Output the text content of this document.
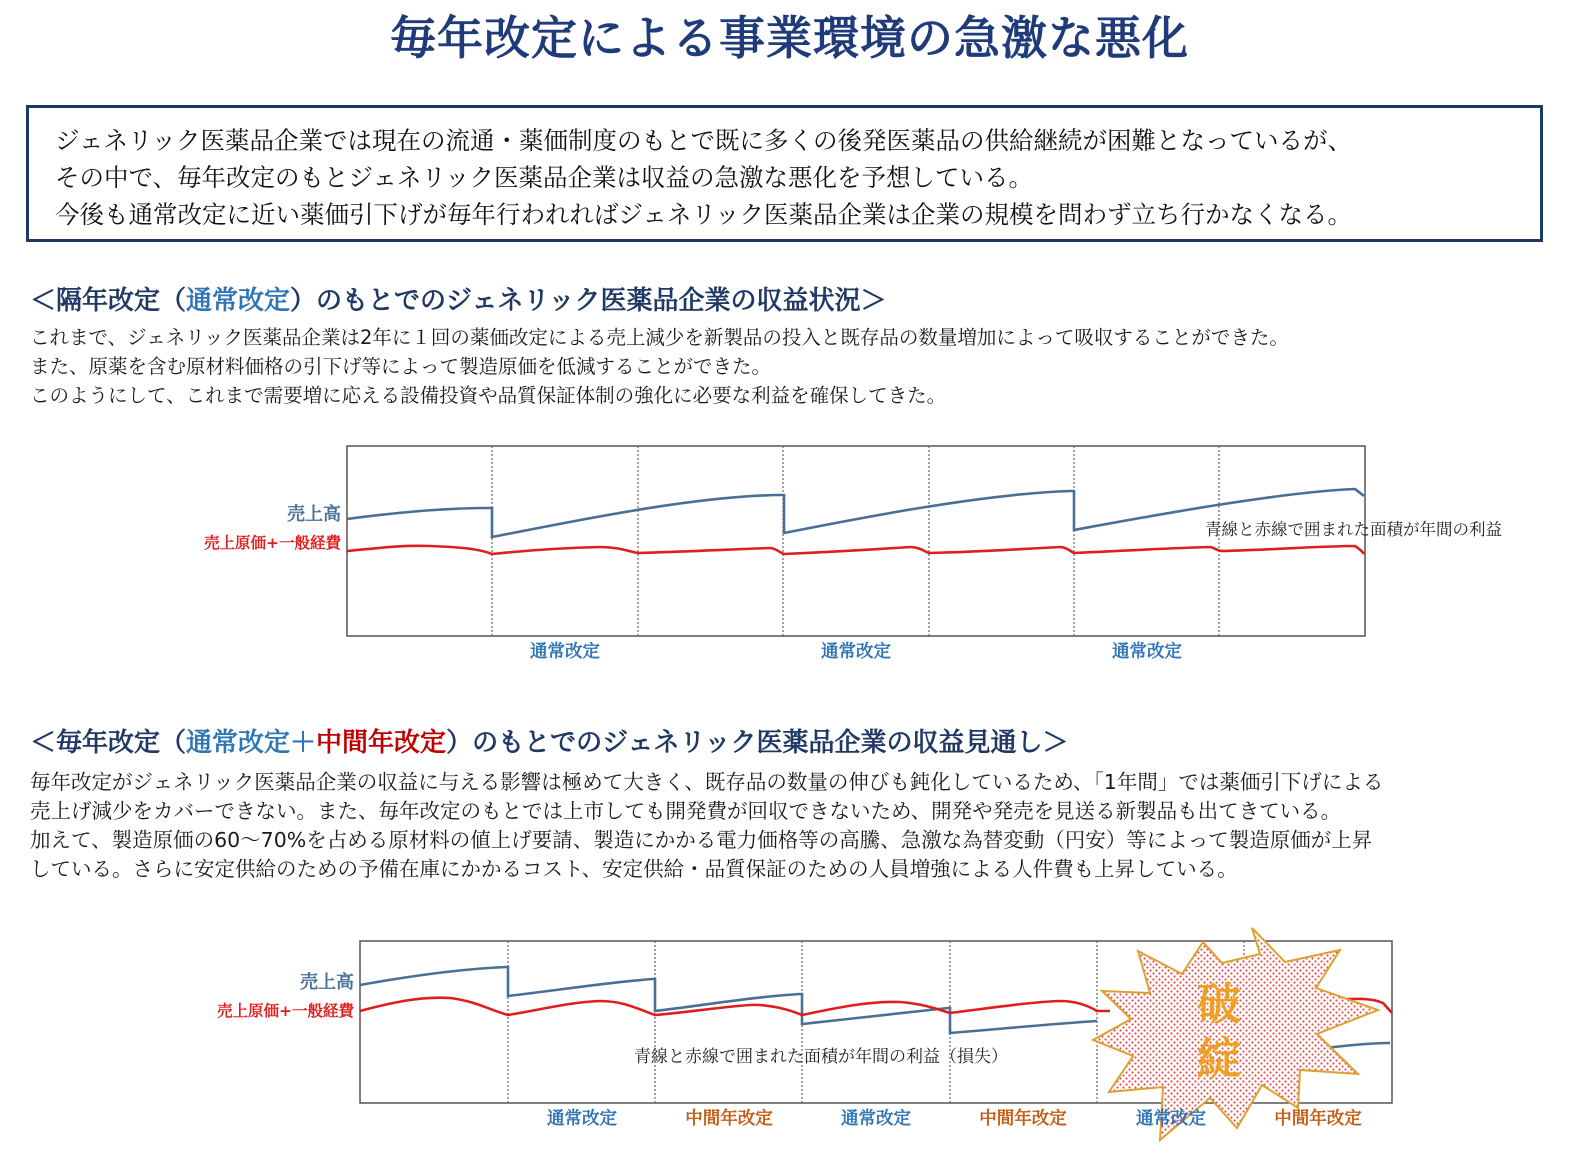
毎年改定による事業環境の急激な悪化

ジェネリック医薬品企業では現在の流通・薬価制度のもとで既に多くの後発医薬品の供給継続が困難となっているが、

その中で、毎年改定のもとジェネリック医薬品企業は収益の急激な悪化を予想している。

今後も通常改定に近い薬価引下げが毎年行われればジェネリック医薬品企業は企業の規模を問わず立ち行かなくなる。

＜隔年改定（通常改定）のもとでのジェネリック医薬品企業の収益状況＞

これまで、ジェネリック医薬品企業は2年に１回の薬価改定による売上減少を新製品の投入と既存品の数量増加によって吸収することができた。

また、原薬を含む原材料価格の引下げ等によって製造原価を低減することができた。

このようにして、これまで需要増に応える設備投資や品質保証体制の強化に必要な利益を確保してきた。

＜毎年改定（通常改定＋中間年改定）のもとでのジェネリック医薬品企業の収益見通し＞

毎年改定がジェネリック医薬品企業の収益に与える影響は極めて大きく、既存品の数量の伸びも鈍化しているため、「1年間」では薬価引下げによる

売上げ減少をカバーできない。また、毎年改定のもとでは上市しても開発費が回収できないため、開発や発売を見送る新製品も出てきている。

加えて、製造原価の60～70%を占める原材料の値上げ要請、製造にかかる電力価格等の高騰、急激な為替変動（円安）等によって製造原価が上昇

している。さらに安定供給のための予備在庫にかかるコスト、安定供給・品質保証のための人員増強による人件費も上昇している。

売上高
売上原価+一般経費
青線と赤線で囲まれた面積が年間の利益
通常改定	通常改定	通常改定
破
綻
売上高
売上原価+一般経費
青線と赤線で囲まれた面積が年間の利益（損失）
通常改定	中間年改定	通常改定	中間年改定	通常改定	中間年改定
